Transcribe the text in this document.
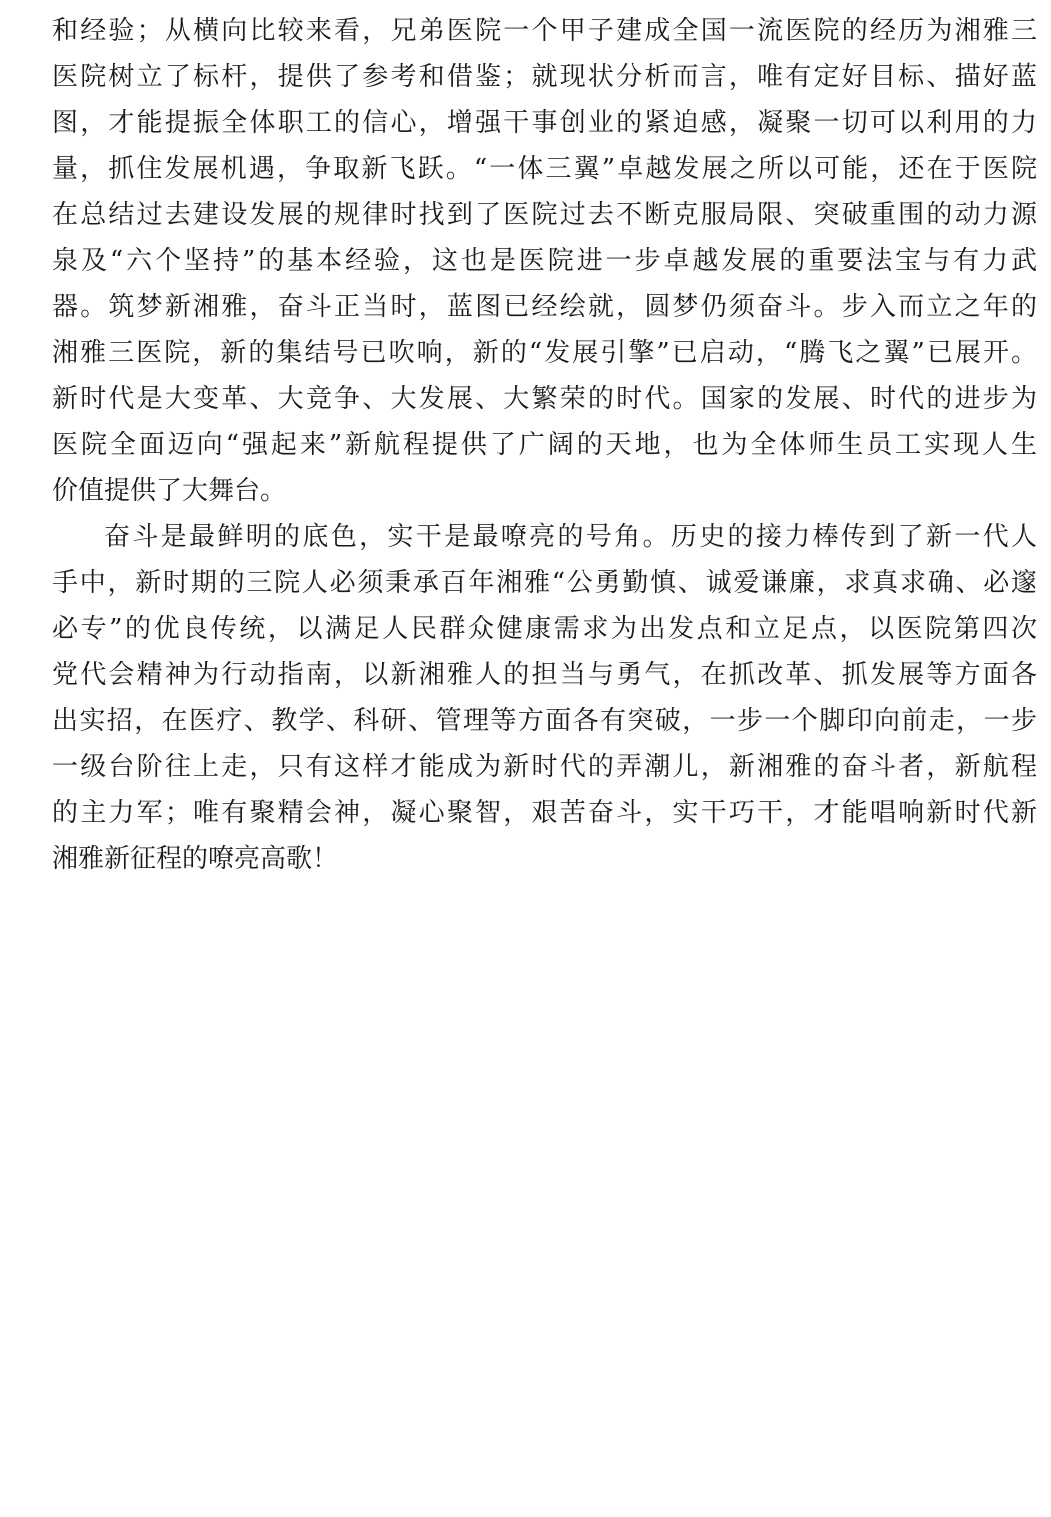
和经验；从横向比较来看，兄弟医院一个甲子建成全国一流医院的经历为湘雅三
医院树立了标杆，提供了参考和借鉴；就现状分析而言，唯有定好目标、描好蓝
图，才能提振全体职工的信心，增强干事创业的紧迫感，凝聚一切可以利用的力
量，抓住发展机遇，争取新飞跃。“一体三翼”卓越发展之所以可能，还在于医院
在总结过去建设发展的规律时找到了医院过去不断克服局限、突破重围的动力源
泉及“六个坚持”的基本经验，这也是医院进一步卓越发展的重要法宝与有力武
器。筑梦新湘雅，奋斗正当时，蓝图已经绘就，圆梦仍须奋斗。步入而立之年的
湘雅三医院，新的集结号已吹响，新的“发展引擎”已启动，“腾飞之翼”已展开。
新时代是大变革、大竞争、大发展、大繁荣的时代。国家的发展、时代的进步为
医院全面迈向“强起来”新航程提供了广阔的天地，也为全体师生员工实现人生
价值提供了大舞台。
奋斗是最鲜明的底色，实干是最嘹亮的号角。历史的接力棒传到了新一代人
手中，新时期的三院人必须秉承百年湘雅“公勇勤慎、诚爱谦廉，求真求确、必邃
必专”的优良传统，以满足人民群众健康需求为出发点和立足点，以医院第四次
党代会精神为行动指南，以新湘雅人的担当与勇气，在抓改革、抓发展等方面各
出实招，在医疗、教学、科研、管理等方面各有突破，一步一个脚印向前走，一步
一级台阶往上走，只有这样才能成为新时代的弄潮儿，新湘雅的奋斗者，新航程
的主力军；唯有聚精会神，凝心聚智，艰苦奋斗，实干巧干，才能唱响新时代新
湘雅新征程的嘹亮高歌！
